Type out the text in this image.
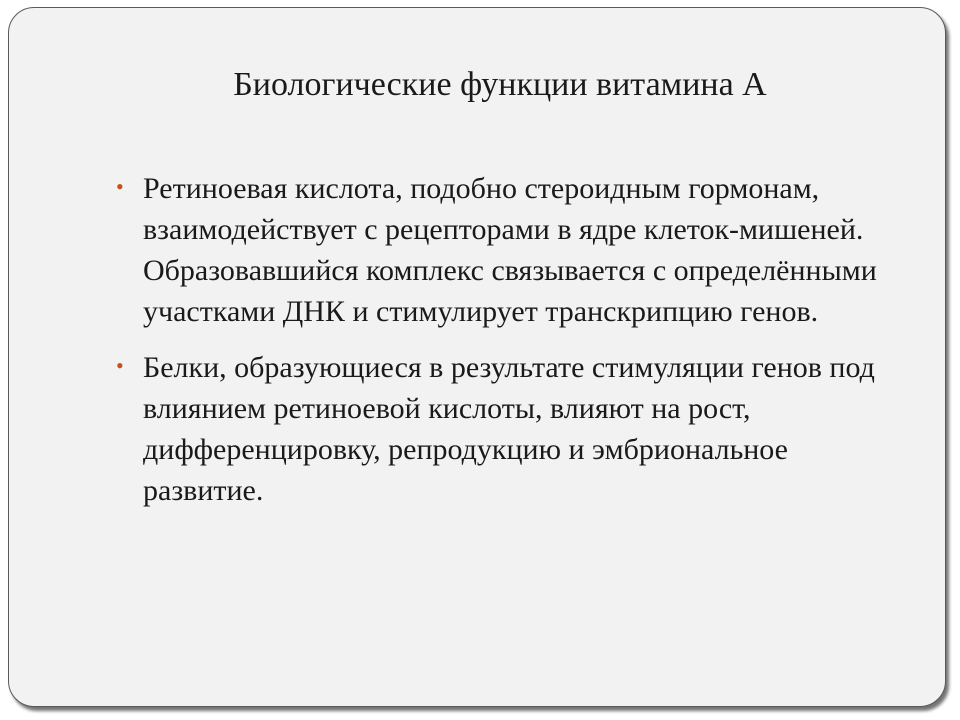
Биологические функции витамина А
• Ретиноевая кислота, подобно стероидным гормонам, взаимодействует с рецепторами в ядре клеток-мишеней. Образовавшийся комплекс связывается с определёнными участками ДНК и стимулирует транскрипцию генов.
• Белки, образующиеся в результате стимуляции генов под влиянием ретиноевой кислоты, влияют на рост, дифференцировку, репродукцию и эмбриональное развитие.
